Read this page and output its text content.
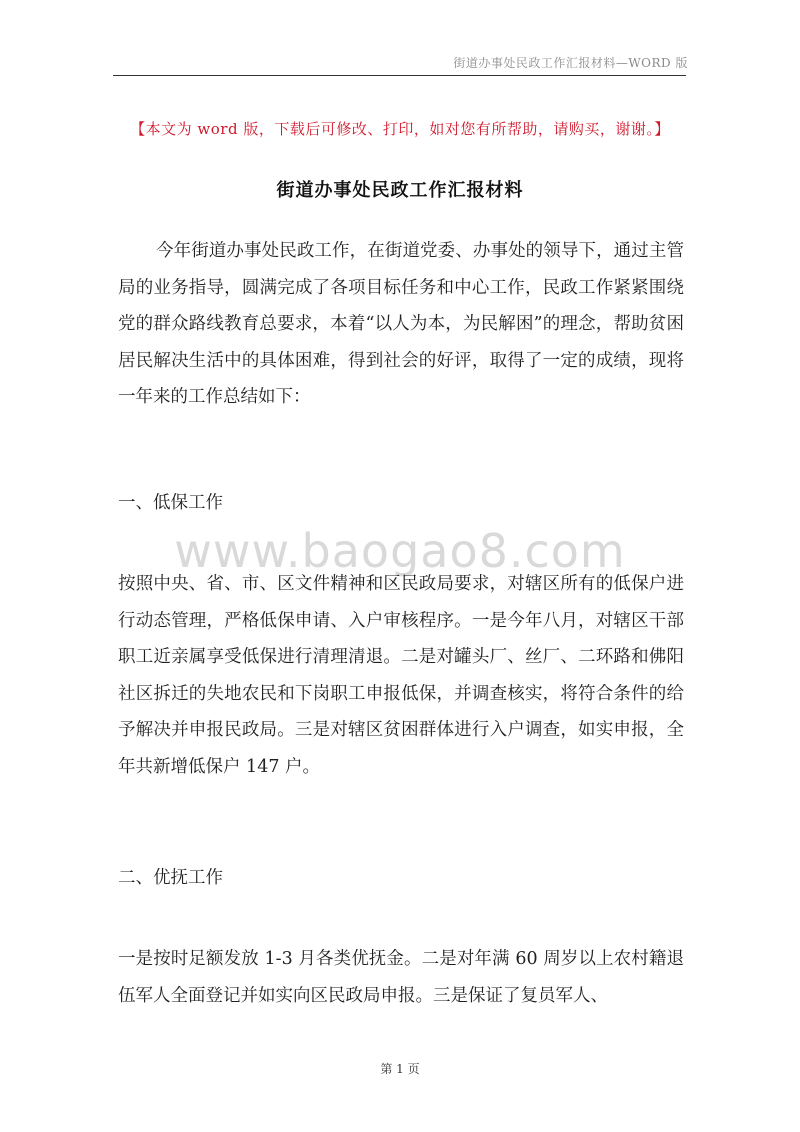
街道办事处民政工作汇报材料—WORD 版
【本文为 word 版，下载后可修改、打印，如对您有所帮助，请购买，谢谢。】
街道办事处民政工作汇报材料

今年街道办事处民政工作，在街道党委、办事处的领导下，通过主管局的业务指导，圆满完成了各项目标任务和中心工作，民政工作紧紧围绕党的群众路线教育总要求，本着“以人为本，为民解困”的理念，帮助贫困居民解决生活中的具体困难，得到社会的好评，取得了一定的成绩，现将一年来的工作总结如下：

一、低保工作
www.baogao8.com

按照中央、省、市、区文件精神和区民政局要求，对辖区所有的低保户进行动态管理，严格低保申请、入户审核程序。一是今年八月，对辖区干部职工近亲属享受低保进行清理清退。二是对罐头厂、丝厂、二环路和佛阳社区拆迁的失地农民和下岗职工申报低保，并调查核实，将符合条件的给予解决并申报民政局。三是对辖区贫困群体进行入户调查，如实申报，全年共新增低保户 147 户。

二、优抚工作

一是按时足额发放 1-3 月各类优抚金。二是对年满 60 周岁以上农村籍退伍军人全面登记并如实向区民政局申报。三是保证了复员军人、

第 1 页
